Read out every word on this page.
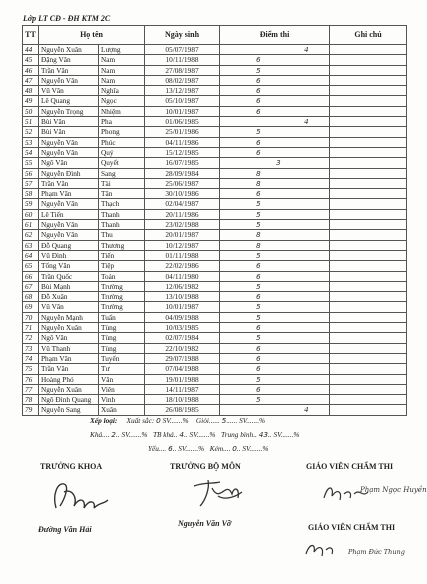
Lớp LT CĐ - ĐH KTM 2C
TT	Họ tên		Ngày sinh	Điểm thi	Ghi chú
44	Nguyễn Xuân	Lượng	05/07/1987	4	
45	Đặng Văn	Nam	10/11/1988	6	
46	Trần Văn	Nam	27/08/1987	5	
47	Nguyễn Văn	Nam	08/02/1987	6	
48	Vũ Văn	Nghĩa	13/12/1987	6	
49	Lê Quang	Ngọc	05/10/1987	6	
50	Nguyễn Trọng	Nhiệm	10/01/1987	6	
51	Bùi Văn	Pha	01/06/1985	4	
52	Bùi Văn	Phong	25/01/1986	5	
53	Nguyễn Văn	Phúc	04/11/1986	6	
54	Nguyễn Văn	Quý	15/12/1985	6	
55	Ngô Văn	Quyết	16/07/1985	3	
56	Nguyễn Đình	Sang	28/09/1984	8	
57	Trần Văn	Tài	25/06/1987	8	
58	Phạm Văn	Tân	30/10/1986	6	
59	Nguyễn Văn	Thạch	02/04/1987	5	
60	Lê Tiến	Thanh	20/11/1986	5	
61	Nguyễn Văn	Thanh	23/02/1988	5	
62	Nguyễn Văn	Thu	20/01/1987	8	
63	Đỗ Quang	Thương	10/12/1987	8	
64	Vũ Đình	Tiến	01/11/1988	5	
65	Tống Văn	Tiệp	22/02/1986	6	
66	Trần Quốc	Toản	04/11/1980	6	
67	Bùi Mạnh	Trường	12/06/1982	5	
68	Đỗ Xuân	Trường	13/10/1988	6	
69	Vũ Văn	Trường	10/01/1987	5	
70	Nguyễn Mạnh	Tuấn	04/09/1988	5	
71	Nguyễn Xuân	Tùng	10/03/1985	6	
72	Ngô Văn	Tùng	02/07/1984	5	
73	Vũ Thanh	Tùng	22/10/1982	6	
74	Phạm Văn	Tuyến	29/07/1988	6	
75	Trần Văn	Tư	07/04/1988	6	
76	Hoàng Phó	Văn	19/01/1988	5	
77	Nguyễn Xuân	Viên	14/11/1987	6	
78	Ngô Đình Quang	Vinh	18/10/1988	5	
79	Nguyễn Sang	Xuân	26/08/1985	4	
Xếp loại: Xuất sắc: 0 SV.......%    Giỏi...... 5...... SV.......%
Khá.... 2.. SV.......%   TB khá.. 4.. SV.......%   Trung bình.. 43.. SV.......%
Yếu.... 6.. SV.......%   Kém.... 0.. SV.......%
TRƯỞNG KHOA	TRƯỞNG BỘ MÔN	GIÁO VIÊN CHẤM THI
Phạm Ngọc Huyền
Đường Văn Hải
Nguyễn Văn Vỡ	GIÁO VIÊN CHẤM THI
Phạm Đức Thung
